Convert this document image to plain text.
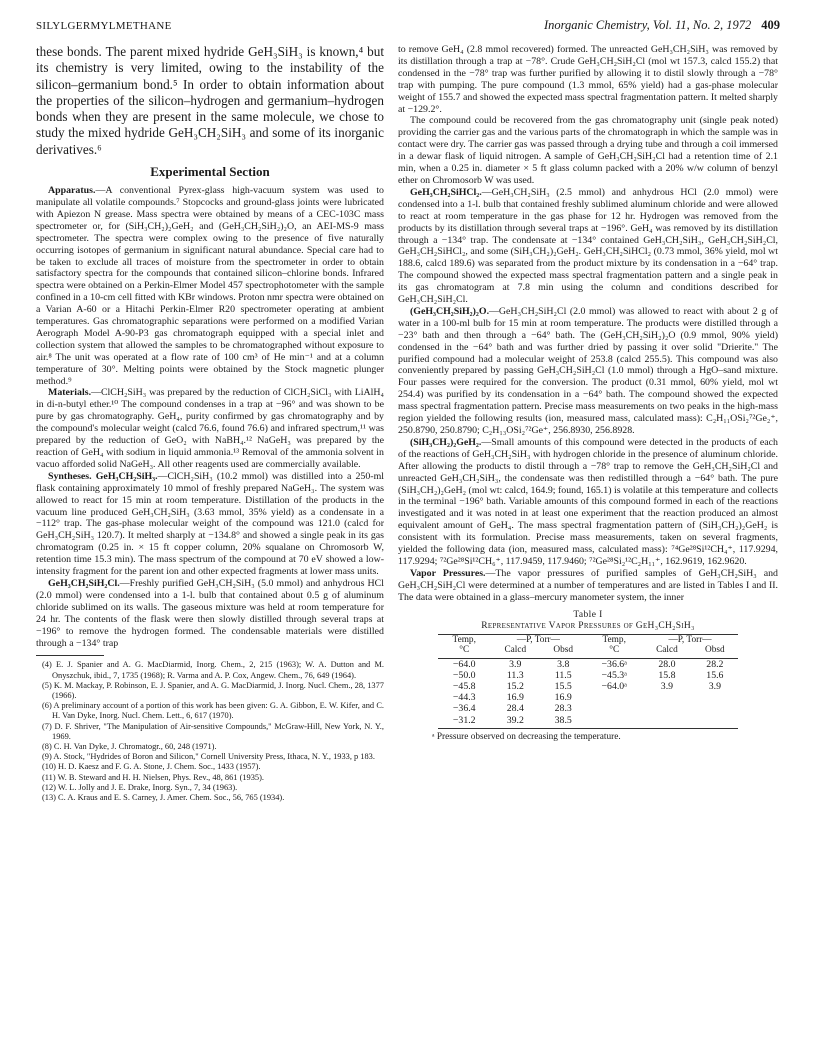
SILYLGERMYLMETHANE	Inorganic Chemistry, Vol. 11, No. 2, 1972 409

these bonds. The parent mixed hydride GeH₃SiH₃ is known,⁴ but its chemistry is very limited, owing to the instability of the silicon–germanium bond.⁵ In order to obtain information about the properties of the silicon–hydrogen and germanium–hydrogen bonds when they are present in the same molecule, we chose to study the mixed hydride GeH₃CH₂SiH₃ and some of its inorganic derivatives.⁶

Experimental Section

Apparatus.—A conventional Pyrex-glass high-vacuum system was used to manipulate all volatile compounds.⁷ Stopcocks and ground-glass joints were lubricated with Apiezon N grease. Mass spectra were obtained by means of a CEC-103C mass spectrometer or, for (SiH₃CH₂)₂GeH₂ and (GeH₃CH₂SiH₂)₂O, an AEI-MS-9 mass spectrometer. The spectra were complex owing to the presence of five naturally occurring isotopes of germanium in significant natural abundance. Special care had to be taken to exclude all traces of moisture from the spectrometer in order to obtain satisfactory spectra for the compounds that contained silicon–chlorine bonds. Infrared spectra were obtained on a Perkin-Elmer Model 457 spectrophotometer with the sample confined in a 10-cm cell fitted with KBr windows. Proton nmr spectra were obtained on a Varian A-60 or a Hitachi Perkin-Elmer R20 spectrometer operating at ambient temperatures. Gas chromatographic separations were performed on a modified Varian Aerograph Model A-90-P3 gas chromatograph equipped with a special inlet and collection system that allowed the samples to be chromatographed without exposure to air.⁸ The unit was operated at a flow rate of 100 cm³ of He min⁻¹ and at a column temperature of 30°. Melting points were obtained by the Stock magnetic plunger method.⁹

Materials.—ClCH₂SiH₃ was prepared by the reduction of ClCH₂SiCl₃ with LiAlH₄ in di-n-butyl ether.¹⁰ The compound condenses in a trap at −96° and was shown to be pure by gas chromatography. GeH₄, purity confirmed by gas chromatography and by the compound's molecular weight (calcd 76.6, found 76.6) and infrared spectrum,¹¹ was prepared by the reduction of GeO₂ with NaBH₄.¹² NaGeH₃ was prepared by the reaction of GeH₄ with sodium in liquid ammonia.¹³ Removal of the ammonia solvent in vacuo afforded solid NaGeH₃. All other reagents used are commercially available.

Syntheses. GeH₃CH₂SiH₃.—ClCH₂SiH₃ (10.2 mmol) was distilled into a 250-ml flask containing approximately 10 mmol of freshly prepared NaGeH₃. The system was allowed to react for 15 min at room temperature. Distillation of the products in the vacuum line produced GeH₃CH₂SiH₃ (3.63 mmol, 35% yield) as a condensate in a −112° trap. The gas-phase molecular weight of the compound was 121.0 (calcd for GeH₃CH₂SiH₃ 120.7). It melted sharply at −134.8° and showed a single peak in its gas chromatogram (0.25 in. × 15 ft copper column, 20% squalane on Chromosorb W, retention time 15.3 min). The mass spectrum of the compound at 70 eV showed a low-intensity fragment for the parent ion and other expected fragments at lower mass units.

GeH₃CH₂SiH₂Cl.—Freshly purified GeH₃CH₂SiH₃ (5.0 mmol) and anhydrous HCl (2.0 mmol) were condensed into a 1-l. bulb that contained about 0.5 g of aluminum chloride sublimed on its walls. The gaseous mixture was held at room temperature for 24 hr. The contents of the flask were then slowly distilled through several traps at −196° to remove the hydrogen formed. The condensable materials were distilled through a −134° trap

(4) E. J. Spanier and A. G. MacDiarmid, Inorg. Chem., 2, 215 (1963); W. A. Dutton and M. Onyszchuk, ibid., 7, 1735 (1968); R. Varma and A. P. Cox, Angew. Chem., 76, 649 (1964).
(5) K. M. Mackay, P. Robinson, E. J. Spanier, and A. G. MacDiarmid, J. Inorg. Nucl. Chem., 28, 1377 (1966).
(6) A preliminary account of a portion of this work has been given: G. A. Gibbon, E. W. Kifer, and C. H. Van Dyke, Inorg. Nucl. Chem. Lett., 6, 617 (1970).
(7) D. F. Shriver, "The Manipulation of Air-sensitive Compounds," McGraw-Hill, New York, N. Y., 1969.
(8) C. H. Van Dyke, J. Chromatogr., 60, 248 (1971).
(9) A. Stock, "Hydrides of Boron and Silicon," Cornell University Press, Ithaca, N. Y., 1933, p 183.
(10) H. D. Kaesz and F. G. A. Stone, J. Chem. Soc., 1433 (1957).
(11) W. B. Steward and H. H. Nielsen, Phys. Rev., 48, 861 (1935).
(12) W. L. Jolly and J. E. Drake, Inorg. Syn., 7, 34 (1963).
(13) C. A. Kraus and E. S. Carney, J. Amer. Chem. Soc., 56, 765 (1934).

to remove GeH₄ (2.8 mmol recovered) formed. The unreacted GeH₃CH₂SiH₃ was removed by its distillation through a trap at −78°. Crude GeH₃CH₂SiH₂Cl (mol wt 157.3, calcd 155.2) that condensed in the −78° trap was further purified by allowing it to distil slowly through a −78° trap with pumping. The pure compound (1.3 mmol, 65% yield) had a gas-phase molecular weight of 155.7 and showed the expected mass spectral fragmentation pattern. It melted sharply at −129.2°.

The compound could be recovered from the gas chromatography unit (single peak noted) providing the carrier gas and the various parts of the chromatograph in which the sample was in contact were dry. The carrier gas was passed through a drying tube and through a coil immersed in a dewar flask of liquid nitrogen. A sample of GeH₃CH₂SiH₂Cl had a retention time of 2.1 min, when a 0.25 in. diameter × 5 ft glass column packed with a 20% w/w column of benzyl ether on Chromosorb W was used.

GeH₃CH₂SiHCl₂.—GeH₃CH₂SiH₃ (2.5 mmol) and anhydrous HCl (2.0 mmol) were condensed into a 1-l. bulb that contained freshly sublimed aluminum chloride and were allowed to react at room temperature in the gas phase for 12 hr. Hydrogen was removed from the products by its distillation through several traps at −196°. GeH₄ was removed by its distillation through a −134° trap. The condensate at −134° contained GeH₃CH₂SiH₃, GeH₃CH₂SiH₂Cl, GeH₃CH₂SiHCl₂, and some (SiH₃CH₂)₂GeH₂. GeH₃CH₂SiHCl₂ (0.73 mmol, 36% yield, mol wt 188.6, calcd 189.6) was separated from the product mixture by its condensation in a −64° trap. The compound showed the expected mass spectral fragmentation pattern and a single peak in its gas chromatogram at 7.8 min using the column and conditions described for GeH₃CH₂SiH₂Cl.

(GeH₃CH₂SiH₂)₂O.—GeH₃CH₂SiH₂Cl (2.0 mmol) was allowed to react with about 2 g of water in a 100-ml bulb for 15 min at room temperature. The products were distilled through a −23° bath and then through a −64° bath. The (GeH₃CH₂SiH₂)₂O (0.9 mmol, 90% yield) condensed in the −64° bath and was further dried by passing it over solid "Drierite." The purified compound had a molecular weight of 253.8 (calcd 255.5). This compound was also conveniently prepared by passing GeH₃CH₂SiH₂Cl (1.0 mmol) through a HgO–sand mixture. Four passes were required for the conversion. The product (0.31 mmol, 60% yield, mol wt 254.4) was purified by its condensation in a −64° bath. The compound showed the expected mass spectral fragmentation pattern. Precise mass measurements on two peaks in the high-mass region yielded the following results (ion, measured mass, calculated mass): C₂H₁₁OSi₂⁷²Ge₂⁺, 250.8790, 250.8790; C₂H₁₃OSi₂⁷²Ge⁺, 256.8930, 256.8928.

(SiH₃CH₂)₂GeH₂.—Small amounts of this compound were detected in the products of each of the reactions of GeH₃CH₂SiH₃ with hydrogen chloride in the presence of aluminum chloride. After allowing the products to distil through a −78° trap to remove the GeH₃CH₂SiH₂Cl and unreacted GeH₃CH₂SiH₃, the condensate was then redistilled through a −64° bath. The pure (SiH₃CH₂)₂GeH₂ (mol wt: calcd, 164.9; found, 165.1) is volatile at this temperature and collects in the terminal −196° bath. Variable amounts of this compound formed in each of the reactions investigated and it was noted in at least one experiment that the reaction produced an almost equivalent amount of GeH₄. The mass spectral fragmentation pattern of (SiH₃CH₂)₂GeH₂ is consistent with its formulation. Precise mass measurements, taken on several fragments, yielded the following data (ion, measured mass, calculated mass): ⁷⁴Ge²⁸Si¹²CH₄⁺, 117.9294, 117.9294; ⁷²Ge²⁸Si¹²CH₆⁺, 117.9459, 117.9460; ⁷²Ge²⁸Si₂¹²C₂H₁₁⁺, 162.9619, 162.9620.

Vapor Pressures.—The vapor pressures of purified samples of GeH₃CH₂SiH₃ and GeH₃CH₂SiH₂Cl were determined at a number of temperatures and are listed in Tables I and II. The data were obtained in a glass–mercury manometer system, the inner

Table I
Representative Vapor Pressures of GeH₃CH₂SiH₃
Temp,	—P, Torr—		Temp,	—P, Torr—	
°C	Calcd	Obsd	°C	Calcd	Obsd
−64.0	3.9	3.8	−36.6ᵃ	28.0	28.2
−50.0	11.3	11.5	−45.3ᵃ	15.8	15.6
−45.8	15.2	15.5	−64.0ᵃ	3.9	3.9
−44.3	16.9	16.9			
−36.4	28.4	28.3			
−31.2	39.2	38.5			
ᵃ Pressure observed on decreasing the temperature.
